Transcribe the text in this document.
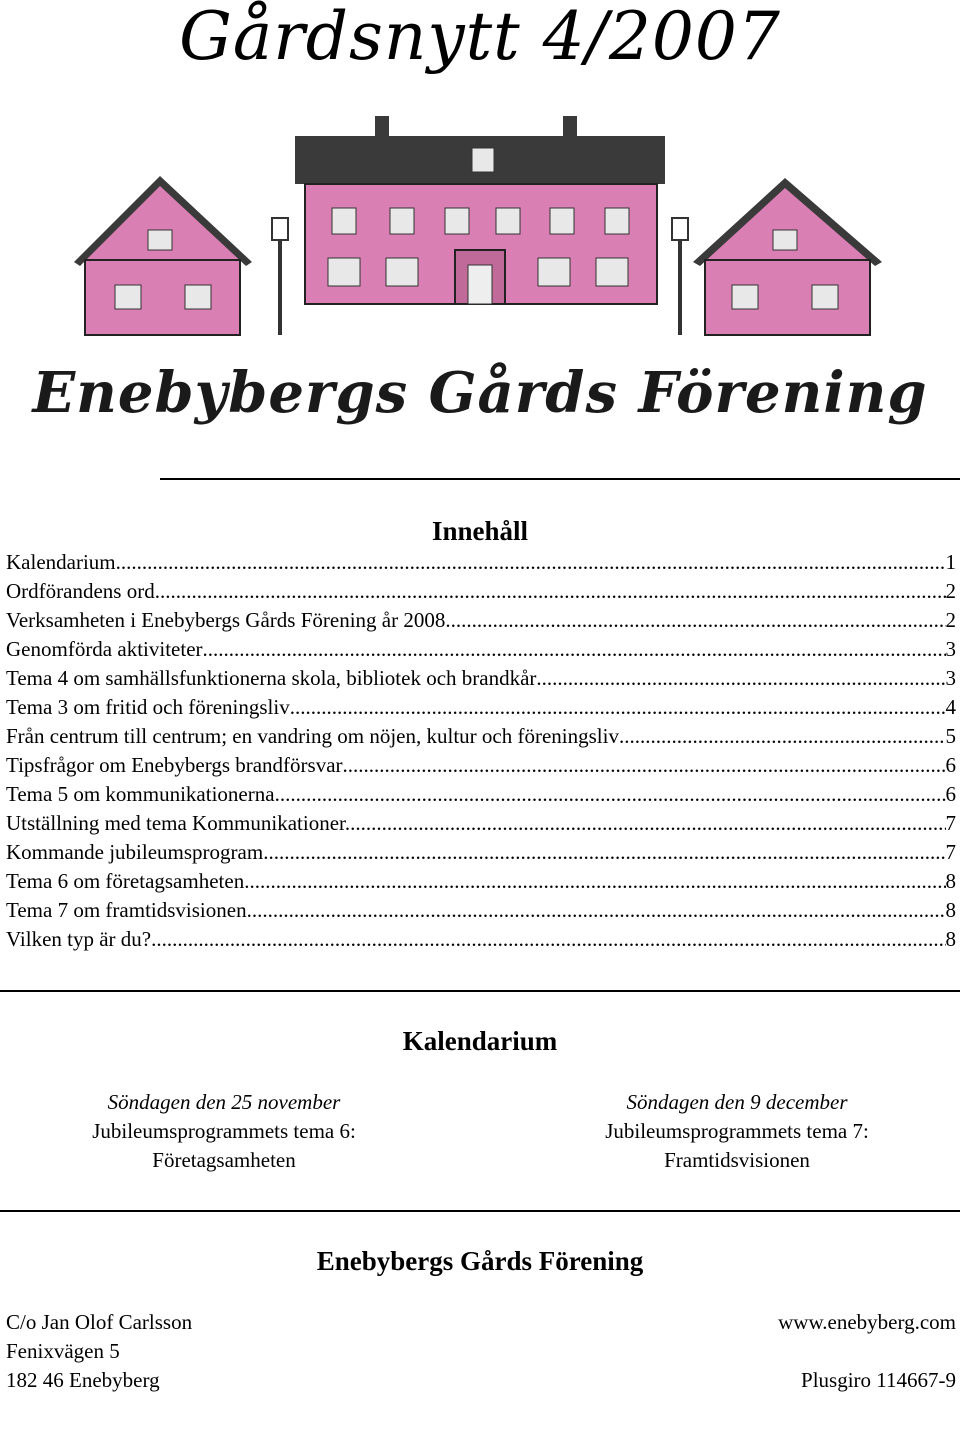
Gårdsnytt 4/2007
Enebybergs Gårds Förening
Innehåll
Kalendarium .....	1
Ordförandens ord. .....	2
Verksamheten i Enebybergs Gårds Förening år 2008 .....	2
Genomförda aktiviteter .....	3
Tema 4 om samhällsfunktionerna skola, bibliotek och brandkår .....	3
Tema 3 om fritid och föreningsliv .....	4
Från centrum till centrum; en vandring om nöjen, kultur och föreningsliv .....	5
Tipsfrågor om Enebybergs brandförsvar .....	6
Tema 5 om kommunikationerna .....	6
Utställning med tema Kommunikationer. .....	7
Kommande jubileumsprogram .....	7
Tema 6 om företagsamheten .....	8
Tema 7 om framtidsvisionen .....	8
Vilken typ är du? .....	8
Kalendarium
Söndagen den 25 november
Jubileumsprogrammets tema 6:
Företagsamheten
Söndagen den 9 december
Jubileumsprogrammets tema 7:
Framtidsvisionen
Enebybergs Gårds Förening
C/o Jan Olof Carlsson
Fenixvägen 5
182 46 Enebyberg
www.enebyberg.com
Plusgiro 114667-9
